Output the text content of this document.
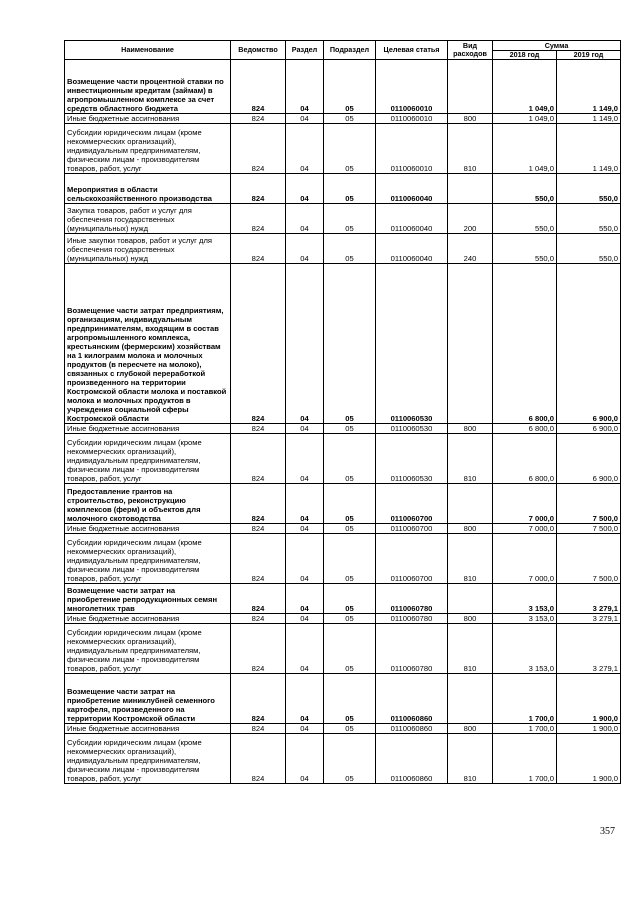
Наименование	Ведомство	Раздел	Подраздел	Целевая статья	Вид расходов	Сумма	
						2018 год	2019 год
Возмещение части процентной ставки по инвестиционным кредитам (займам) в агропромышленном комплексе за счет средств областного бюджета	824	04	05	0110060010		1 049,0	1 149,0
Иные бюджетные ассигнования	824	04	05	0110060010	800	1 049,0	1 149,0
Субсидии юридическим лицам (кроме некоммерческих организаций), индивидуальным предпринимателям, физическим лицам - производителям товаров, работ, услуг	824	04	05	0110060010	810	1 049,0	1 149,0
Мероприятия в области сельскохозяйственного производства	824	04	05	0110060040		550,0	550,0
Закупка товаров, работ и услуг для обеспечения государственных (муниципальных) нужд	824	04	05	0110060040	200	550,0	550,0
Иные закупки товаров, работ и услуг для обеспечения государственных (муниципальных) нужд	824	04	05	0110060040	240	550,0	550,0
Возмещение части затрат предприятиям, организациям, индивидуальным предпринимателям, входящим в состав агропромышленного комплекса, крестьянским (фермерским) хозяйствам на 1 килограмм молока и молочных продуктов (в пересчете на молоко), связанных с глубокой переработкой произведенного на территории Костромской области молока и поставкой молока и молочных продуктов в учреждения социальной сферы Костромской области	824	04	05	0110060530		6 800,0	6 900,0
Иные бюджетные ассигнования	824	04	05	0110060530	800	6 800,0	6 900,0
Субсидии юридическим лицам (кроме некоммерческих организаций), индивидуальным предпринимателям, физическим лицам - производителям товаров, работ, услуг	824	04	05	0110060530	810	6 800,0	6 900,0
Предоставление грантов на строительство, реконструкцию комплексов (ферм) и объектов для молочного скотоводства	824	04	05	0110060700		7 000,0	7 500,0
Иные бюджетные ассигнования	824	04	05	0110060700	800	7 000,0	7 500,0
Субсидии юридическим лицам (кроме некоммерческих организаций), индивидуальным предпринимателям, физическим лицам - производителям товаров, работ, услуг	824	04	05	0110060700	810	7 000,0	7 500,0
Возмещение части затрат на приобретение репродукционных семян многолетних трав	824	04	05	0110060780		3 153,0	3 279,1
Иные бюджетные ассигнования	824	04	05	0110060780	800	3 153,0	3 279,1
Субсидии юридическим лицам (кроме некоммерческих организаций), индивидуальным предпринимателям, физическим лицам - производителям товаров, работ, услуг	824	04	05	0110060780	810	3 153,0	3 279,1
Возмещение части затрат на приобретение миниклубней семенного картофеля, произведенного на территории Костромской области	824	04	05	0110060860		1 700,0	1 900,0
Иные бюджетные ассигнования	824	04	05	0110060860	800	1 700,0	1 900,0
Субсидии юридическим лицам (кроме некоммерческих организаций), индивидуальным предпринимателям, физическим лицам - производителям товаров, работ, услуг	824	04	05	0110060860	810	1 700,0	1 900,0
357
